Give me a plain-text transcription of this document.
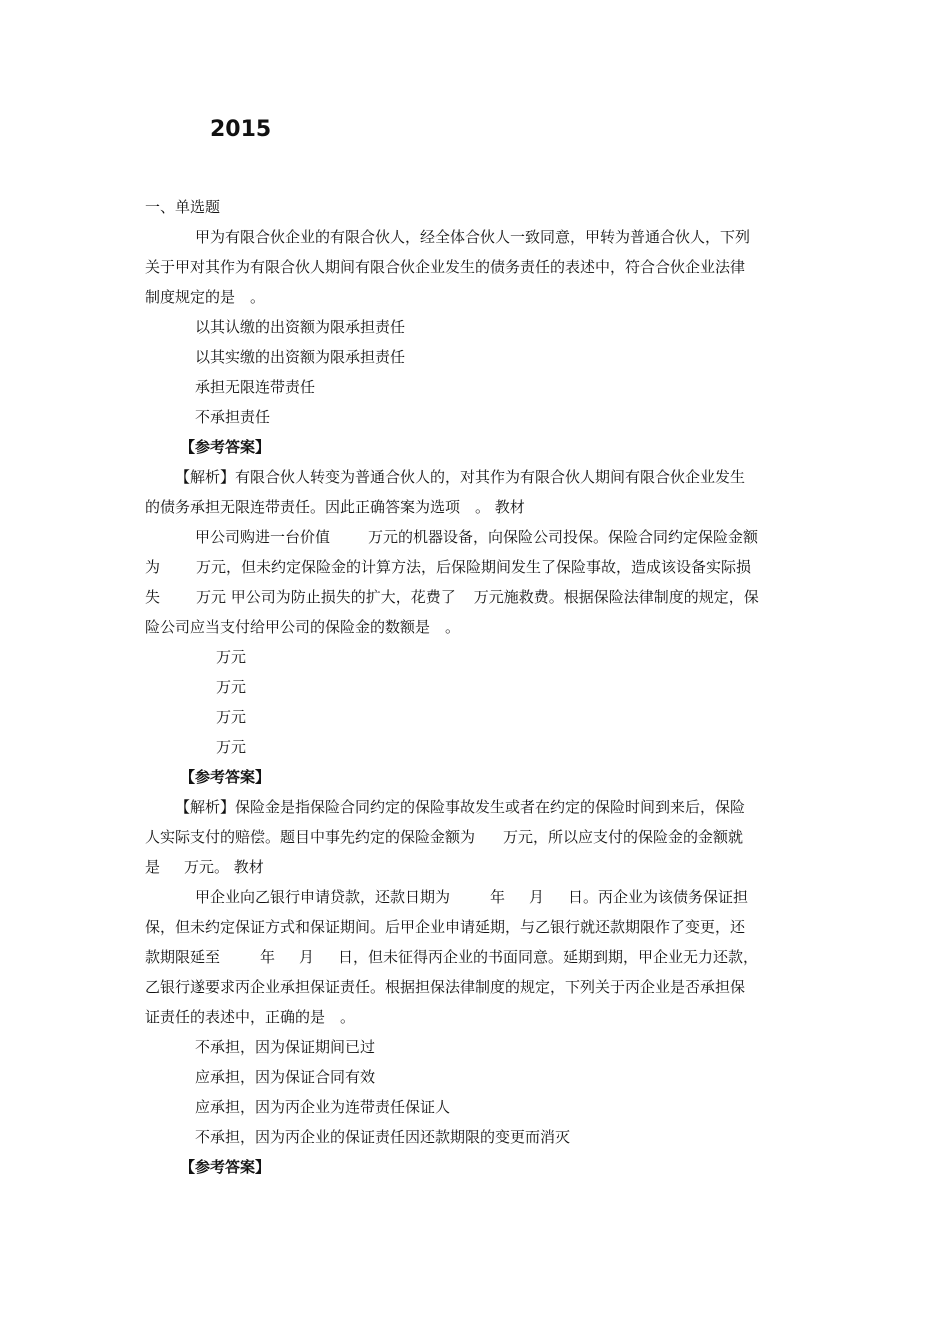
2015
一、单选题
甲为有限合伙企业的有限合伙人，经全体合伙人一致同意，甲转为普通合伙人，下列
关于甲对其作为有限合伙人期间有限合伙企业发生的债务责任的表述中，符合合伙企业法律
制度规定的是　。
以其认缴的出资额为限承担责任
以其实缴的出资额为限承担责任
承担无限连带责任
不承担责任
【参考答案】
【解析】有限合伙人转变为普通合伙人的，对其作为有限合伙人期间有限合伙企业发生
的债务承担无限连带责任。因此正确答案为选项　。 教材
甲公司购进一台价值	万元的机器设备，向保险公司投保。保险合同约定保险金额
为 万元，但未约定保险金的计算方法，后保险期间发生了保险事故，造成该设备实际损
失 万元 甲公司为防止损失的扩大，花费了 万元施救费。根据保险法律制度的规定，保
险公司应当支付给甲公司的保险金的数额是　。
万元
万元
万元
万元
【参考答案】
【解析】保险金是指保险合同约定的保险事故发生或者在约定的保险时间到来后，保险
人实际支付的赔偿。题目中事先约定的保险金额为 万元，所以应支付的保险金的金额就
是 万元。 教材
甲企业向乙银行申请贷款，还款日期为	年 月 日。丙企业为该债务保证担
保，但未约定保证方式和保证期间。后甲企业申请延期，与乙银行就还款期限作了变更，还
款期限延至	年 月 日，但未征得丙企业的书面同意。延期到期，甲企业无力还款，
乙银行遂要求丙企业承担保证责任。根据担保法律制度的规定，下列关于丙企业是否承担保
证责任的表述中，正确的是　。
不承担，因为保证期间已过
应承担，因为保证合同有效
应承担，因为丙企业为连带责任保证人
不承担，因为丙企业的保证责任因还款期限的变更而消灭
【参考答案】
